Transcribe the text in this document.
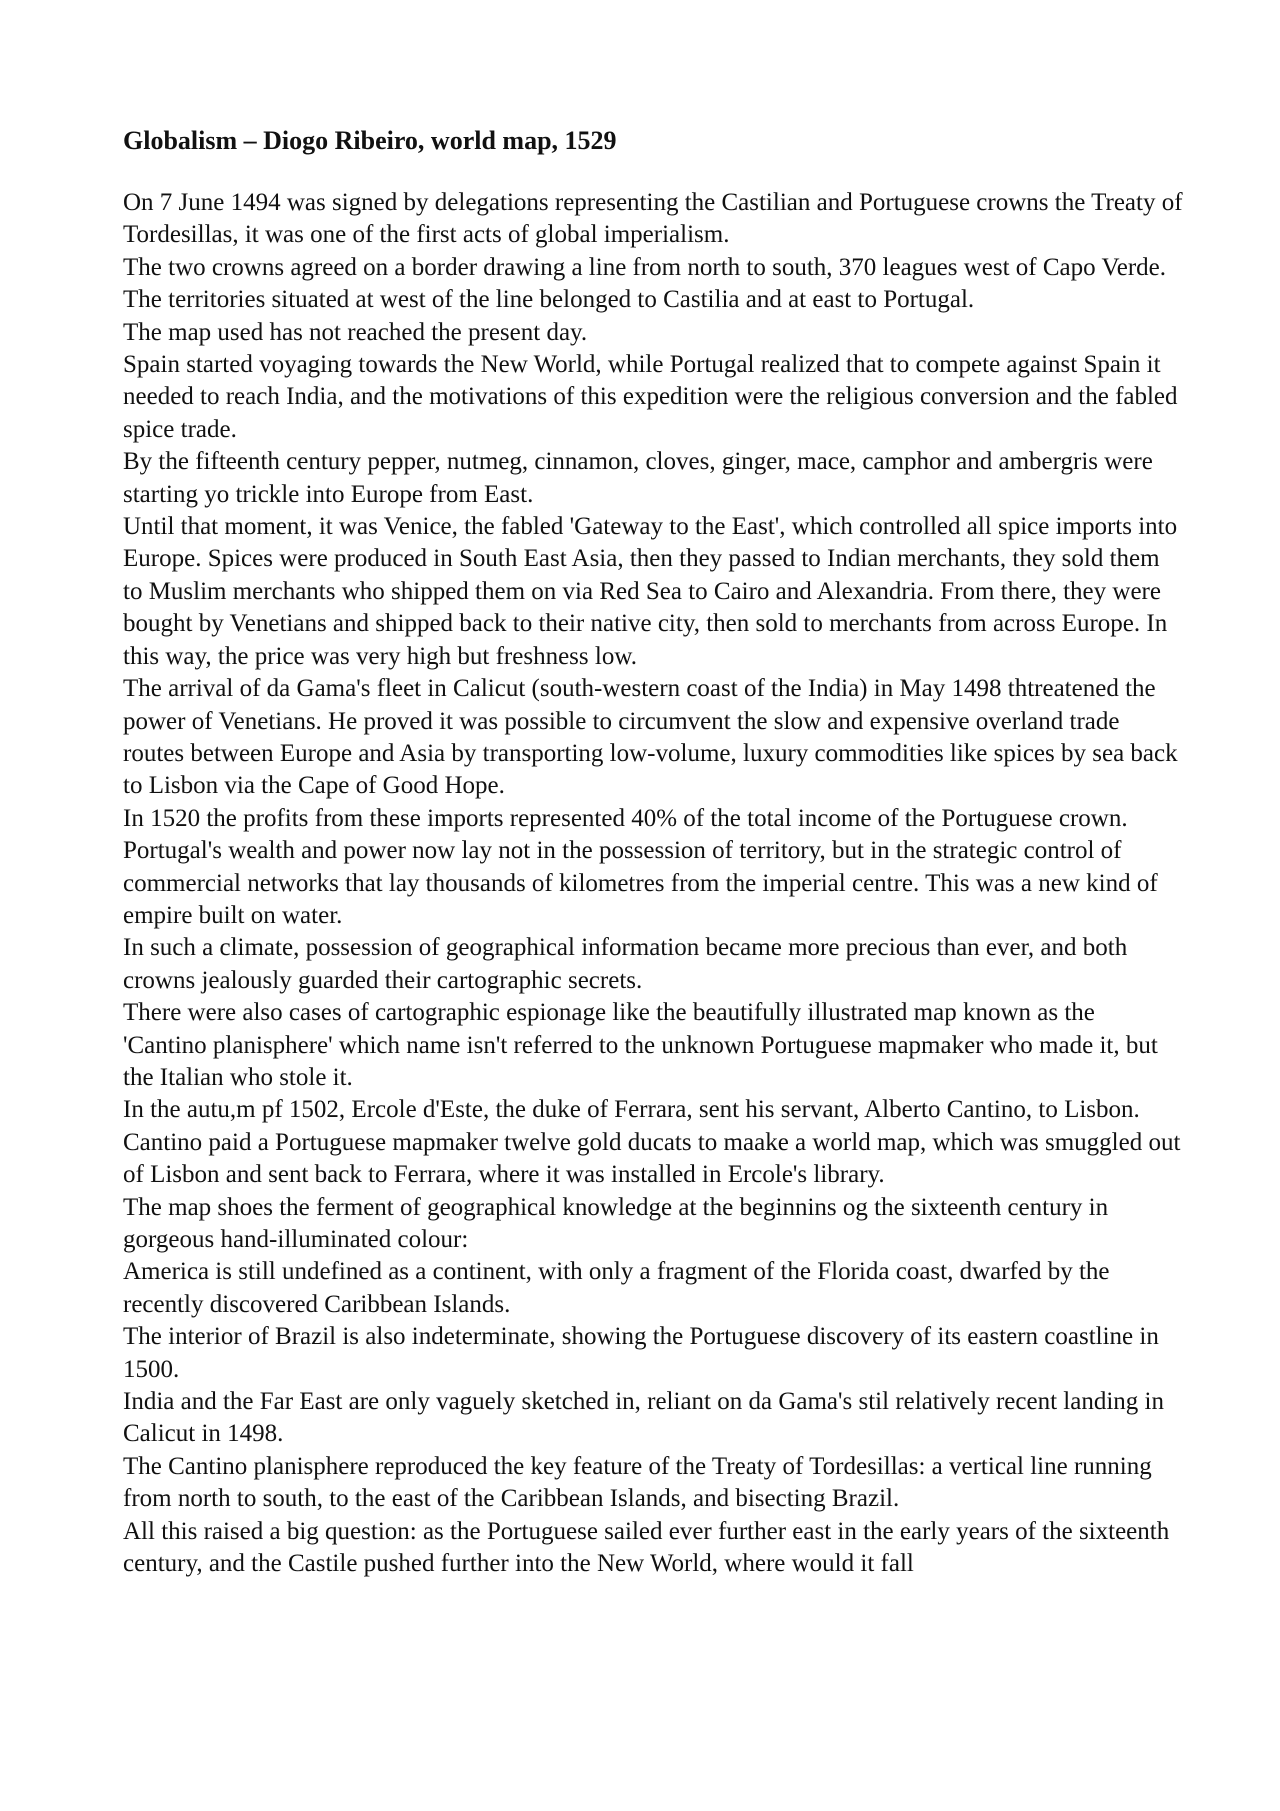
Globalism – Diogo Ribeiro, world map, 1529

On 7 June 1494 was signed by delegations representing the Castilian and Portuguese crowns the Treaty of Tordesillas, it was one of the first acts of global imperialism.

The two crowns agreed on a border drawing a line from north to south, 370 leagues west of Capo Verde. The territories situated at west of the line belonged to Castilia and at east to Portugal.

The map used has not reached the present day.

Spain started voyaging towards the New World, while Portugal realized that to compete against Spain it needed to reach India, and the motivations of this expedition were the religious conversion and the fabled spice trade.

By the fifteenth century pepper, nutmeg, cinnamon, cloves, ginger, mace, camphor and ambergris were starting yo trickle into Europe from East.

Until that moment, it was Venice, the fabled 'Gateway to the East', which controlled all spice imports into Europe. Spices were produced in South East Asia, then they passed to Indian merchants, they sold them to Muslim merchants who shipped them on via Red Sea to Cairo and Alexandria. From there, they were bought by Venetians and shipped back to their native city, then sold to merchants from across Europe. In this way, the price was very high but freshness low.

The arrival of da Gama's fleet in Calicut (south-western coast of the India) in May 1498 thtreatened the power of Venetians. He proved it was possible to circumvent the slow and expensive overland trade routes between Europe and Asia by transporting low-volume, luxury commodities like spices by sea back to Lisbon via the Cape of Good Hope.

In 1520 the profits from these imports represented 40% of the total income of the Portuguese crown. Portugal's wealth and power now lay not in the possession of territory, but in the strategic control of commercial networks that lay thousands of kilometres from the imperial centre. This was a new kind of empire built on water.

In such a climate, possession of geographical information became more precious than ever, and both crowns jealously guarded their cartographic secrets.

There were also cases of cartographic espionage like the beautifully illustrated map known as the 'Cantino planisphere' which name isn't referred to the unknown Portuguese mapmaker who made it, but the Italian who stole it.

In the autu,m pf 1502, Ercole d'Este, the duke of Ferrara, sent his servant, Alberto Cantino, to Lisbon. Cantino paid a Portuguese mapmaker twelve gold ducats to maake a world map, which was smuggled out of Lisbon and sent back to Ferrara, where it was installed in Ercole's library.

The map shoes the ferment of geographical knowledge at the beginnins og the sixteenth century in gorgeous hand-illuminated colour:

America is still undefined as a continent, with only a fragment of the Florida coast, dwarfed by the recently discovered Caribbean Islands.

The interior of Brazil is also indeterminate, showing the Portuguese discovery of its eastern coastline in 1500.

India and the Far East are only vaguely sketched in, reliant on da Gama's stil relatively recent landing in Calicut in 1498.

The Cantino planisphere reproduced the key feature of the Treaty of Tordesillas: a vertical line running from north to south, to the east of the Caribbean Islands, and bisecting Brazil.

All this raised a big question: as the Portuguese sailed ever further east in the early years of the sixteenth century, and the Castile pushed further into the New World, where would it fall
